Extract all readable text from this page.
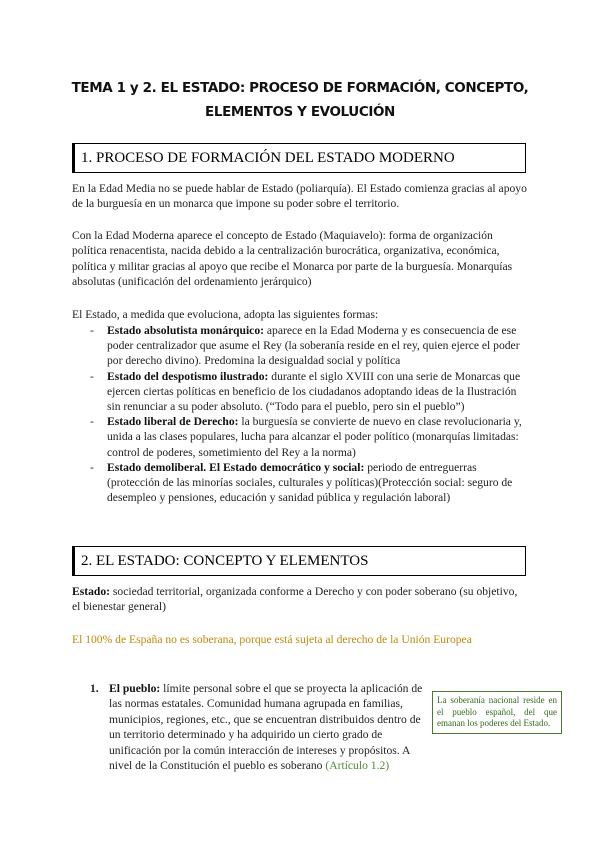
TEMA 1 y 2. EL ESTADO: PROCESO DE FORMACIÓN, CONCEPTO,
ELEMENTOS Y EVOLUCIÓN
1. PROCESO DE FORMACIÓN DEL ESTADO MODERNO

En la Edad Media no se puede hablar de Estado (poliarquía). El Estado comienza gracias al apoyo de la burguesía en un monarca que impone su poder sobre el territorio.

Con la Edad Moderna aparece el concepto de Estado (Maquiavelo): forma de organización política renacentista, nacida debido a la centralización burocrática, organizativa, económica, política y militar gracias al apoyo que recibe el Monarca por parte de la burguesía. Monarquías absolutas (unificación del ordenamiento jerárquico)

El Estado, a medida que evoluciona, adopta las siguientes formas:

- Estado absolutista monárquico: aparece en la Edad Moderna y es consecuencia de ese poder centralizador que asume el Rey (la soberanía reside en el rey, quien ejerce el poder por derecho divino). Predomina la desigualdad social y política
- Estado del despotismo ilustrado: durante el siglo XVIII con una serie de Monarcas que ejercen ciertas políticas en beneficio de los ciudadanos adoptando ideas de la Ilustración sin renunciar a su poder absoluto. (“Todo para el pueblo, pero sin el pueblo”)
- Estado liberal de Derecho: la burguesía se convierte de nuevo en clase revolucionaria y, unida a las clases populares, lucha para alcanzar el poder político (monarquías limitadas: control de poderes, sometimiento del Rey a la norma)
- Estado demoliberal. El Estado democrático y social: periodo de entreguerras (protección de las minorías sociales, culturales y políticas)(Protección social: seguro de desempleo y pensiones, educación y sanidad pública y regulación laboral)
2. EL ESTADO: CONCEPTO Y ELEMENTOS

Estado: sociedad territorial, organizada conforme a Derecho y con poder soberano (su objetivo, el bienestar general)

El 100% de España no es soberana, porque está sujeta al derecho de la Unión Europea

1. El pueblo: límite personal sobre el que se proyecta la aplicación de las normas estatales. Comunidad humana agrupada en familias, municipios, regiones, etc., que se encuentran distribuidos dentro de un territorio determinado y ha adquirido un cierto grado de unificación por la común interacción de intereses y propósitos. A nivel de la Constitución el pueblo es soberano (Artículo 1.2)
La soberanía nacional reside en el pueblo español, del que emanan los poderes del Estado.
